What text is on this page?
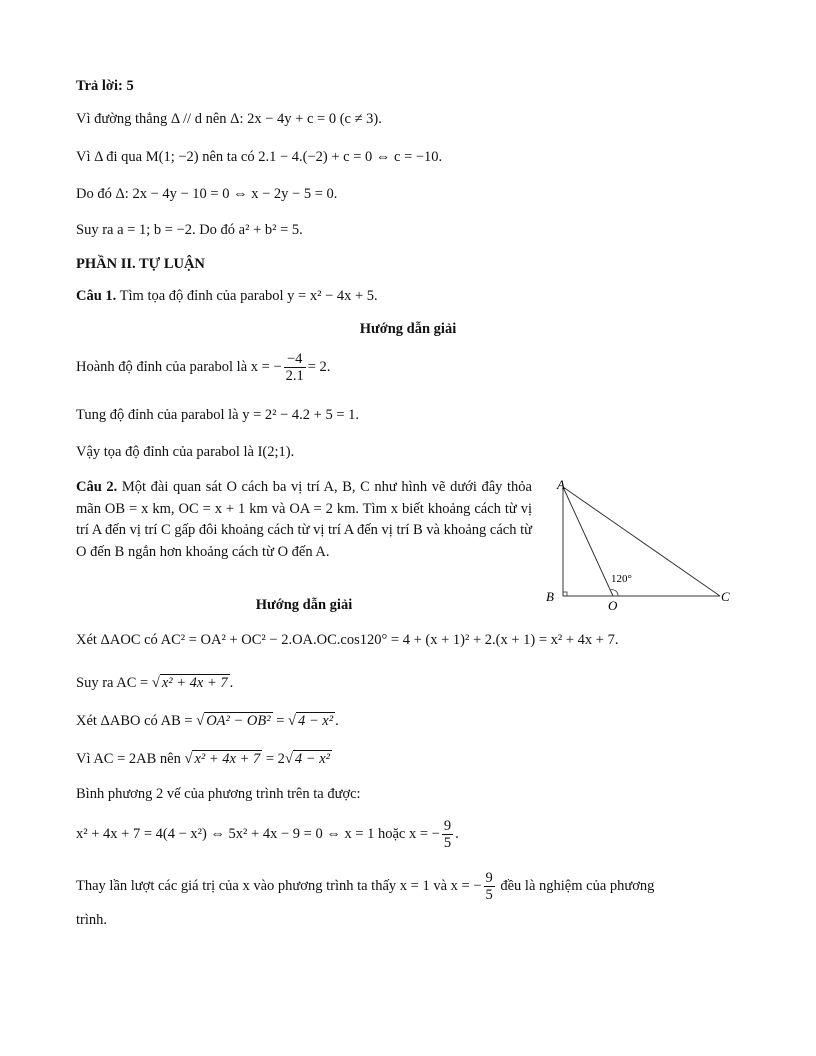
Trả lời: 5
Vì đường thẳng Δ // d nên Δ: 2x − 4y + c = 0 (c ≠ 3).
Vì Δ đi qua M(1; −2) nên ta có 2.1 − 4.(−2) + c = 0 ⇔ c = −10.
Do đó Δ: 2x − 4y − 10 = 0 ⇔ x − 2y − 5 = 0.
Suy ra a = 1; b = −2. Do đó a² + b² = 5.
PHẦN II. TỰ LUẬN
Câu 1. Tìm tọa độ đỉnh của parabol y = x² − 4x + 5.
Hướng dẫn giải
Hoành độ đỉnh của parabol là x = − $\frac{-4}{2.1} = 2$.
Tung độ đỉnh của parabol là y = 2² − 4.2 + 5 = 1.
Vậy tọa độ đỉnh của parabol là I(2;1).
Câu 2. Một đài quan sát O cách ba vị trí A, B, C như hình vẽ dưới đây thỏa mãn OB = x km, OC = x + 1 km và OA = 2 km. Tìm x biết khoảng cách từ vị trí A đến vị trí C gấp đôi khoảng cách từ vị trí A đến vị trí B và khoảng cách từ O đến B ngắn hơn khoảng cách từ O đến A.
Hướng dẫn giải
A
B
O
C
120°
Xét ΔAOC có AC² = OA² + OC² − 2.OA.OC.cos120° = 4 + (x + 1)² + 2.(x + 1) = x² + 4x + 7.
Suy ra AC = √ x² + 4x + 7 .
Xét ΔABO có AB = √ OA² − OB² = √ 4 − x² .
Vì AC = 2AB nên √ x² + 4x + 7 = 2√ 4 − x²
Bình phương 2 vế của phương trình trên ta được:
x² + 4x + 7 = 4(4 − x²) ⇔ 5x² + 4x − 9 = 0 ⇔ x = 1 hoặc x = − $\frac{9}{5}$ .
Thay lần lượt các giá trị của x vào phương trình ta thấy x = 1 và x = − $\frac{9}{5}$ đều là nghiệm của phương
trình.
